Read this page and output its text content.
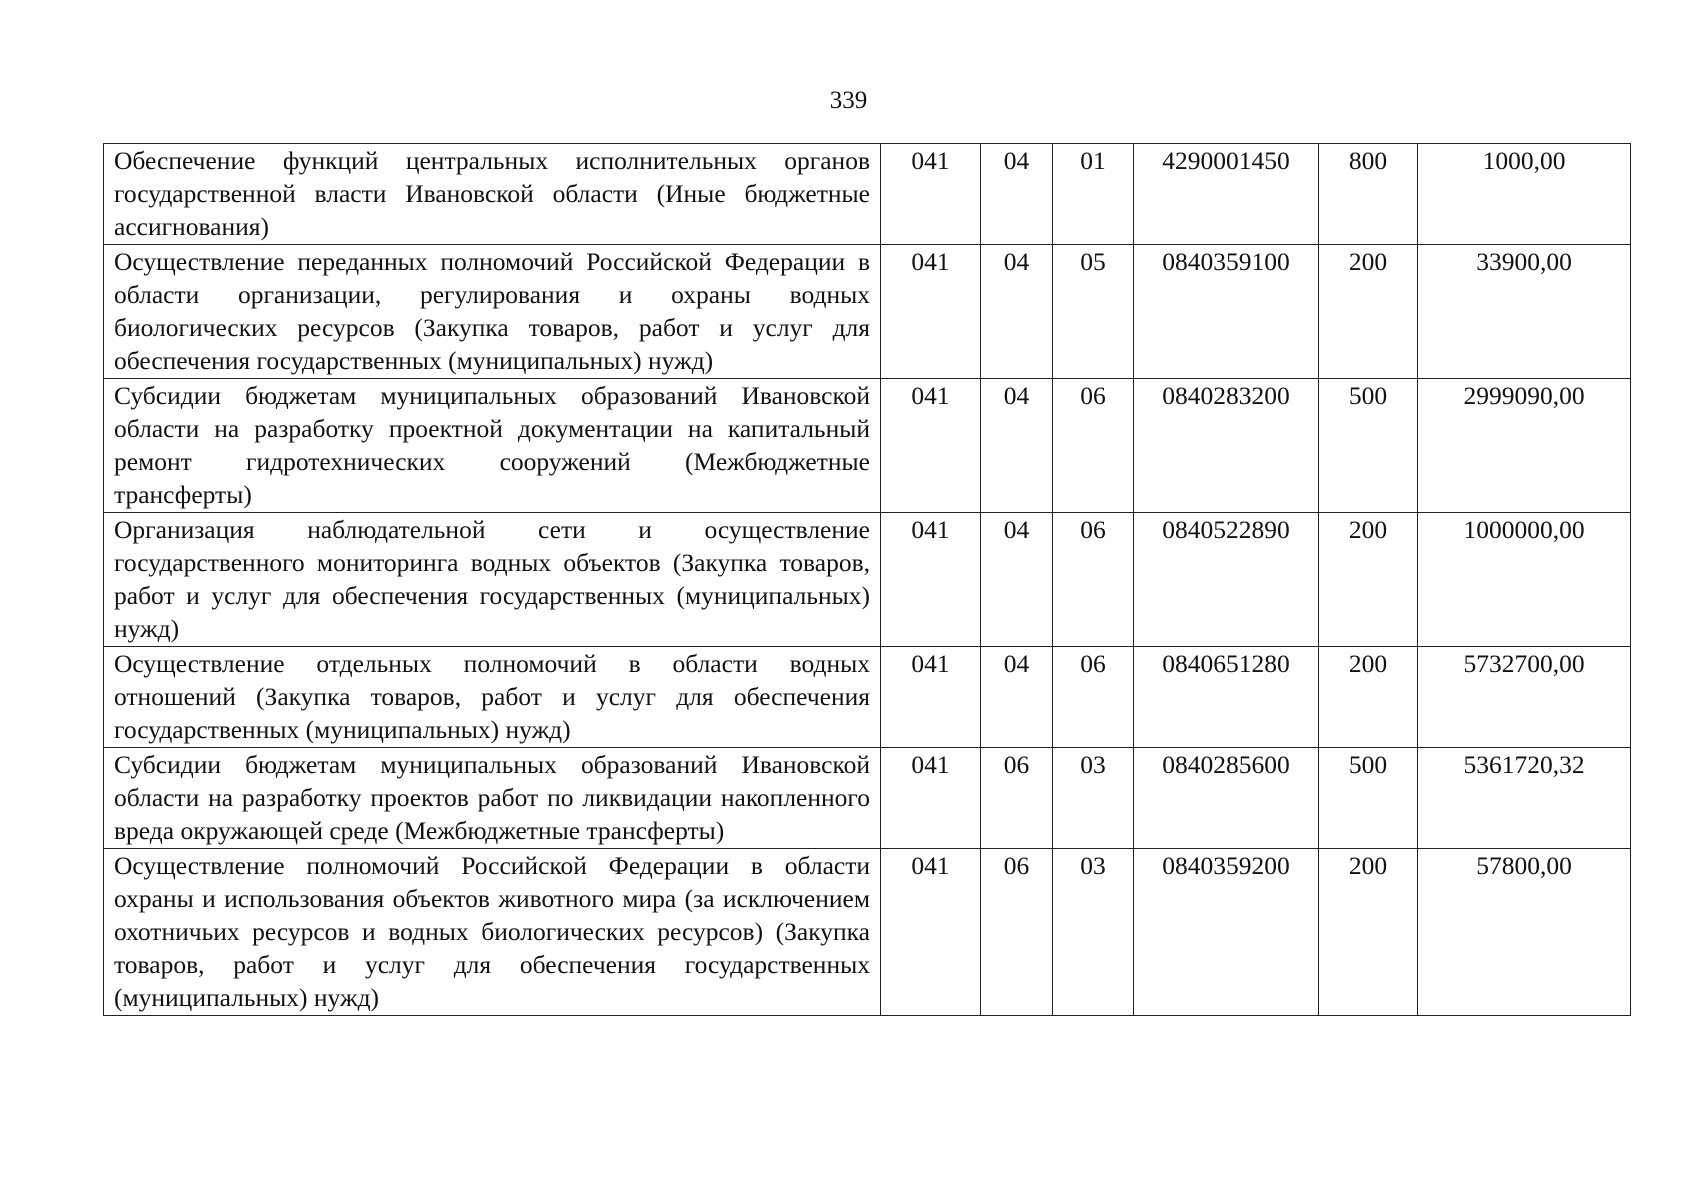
339
Обеспечение функций центральных исполнительных органов государственной власти Ивановской области (Иные бюджетные ассигнования)	041	04	01	4290001450	800	1000,00
Осуществление переданных полномочий Российской Федерации в области организации, регулирования и охраны водных биологических ресурсов (Закупка товаров, работ и услуг для обеспечения государственных (муниципальных) нужд)	041	04	05	0840359100	200	33900,00
Субсидии бюджетам муниципальных образований Ивановской области на разработку проектной документации на капитальный ремонт гидротехнических сооружений (Межбюджетные трансферты)	041	04	06	0840283200	500	2999090,00
Организация наблюдательной сети и осуществление государственного мониторинга водных объектов (Закупка товаров, работ и услуг для обеспечения государственных (муниципальных) нужд)	041	04	06	0840522890	200	1000000,00
Осуществление отдельных полномочий в области водных отношений (Закупка товаров, работ и услуг для обеспечения государственных (муниципальных) нужд)	041	04	06	0840651280	200	5732700,00
Субсидии бюджетам муниципальных образований Ивановской области на разработку проектов работ по ликвидации накопленного вреда окружающей среде (Межбюджетные трансферты)	041	06	03	0840285600	500	5361720,32
Осуществление полномочий Российской Федерации в области охраны и использования объектов животного мира (за исключением охотничьих ресурсов и водных биологических ресурсов) (Закупка товаров, работ и услуг для обеспечения государственных (муниципальных) нужд)	041	06	03	0840359200	200	57800,00
